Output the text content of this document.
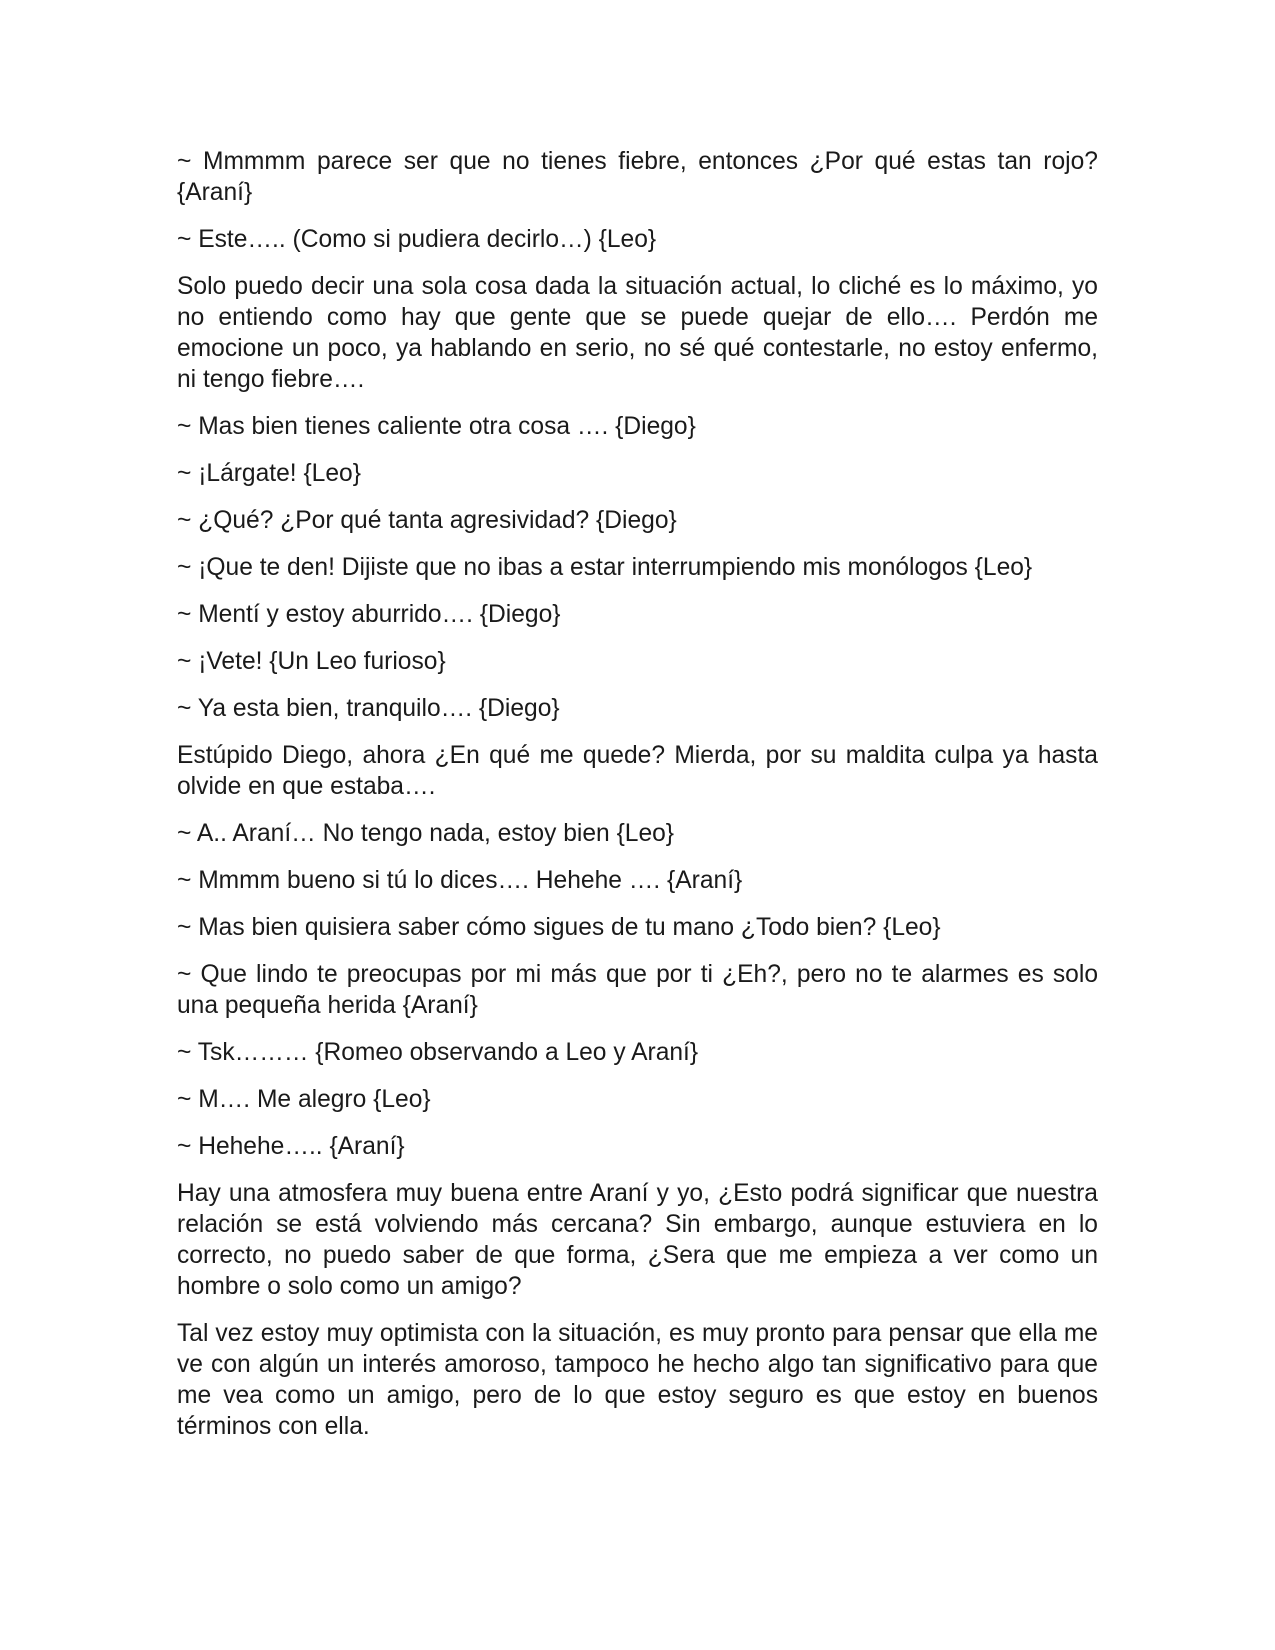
~ Mmmmm parece ser que no tienes fiebre, entonces ¿Por qué estas tan rojo? {Araní}

~ Este….. (Como si pudiera decirlo…) {Leo}

Solo puedo decir una sola cosa dada la situación actual, lo cliché es lo máximo, yo no entiendo como hay que gente que se puede quejar de ello…. Perdón me emocione un poco, ya hablando en serio, no sé qué contestarle, no estoy enfermo, ni tengo fiebre….

~ Mas bien tienes caliente otra cosa …. {Diego}

~ ¡Lárgate! {Leo}

~ ¿Qué? ¿Por qué tanta agresividad? {Diego}

~ ¡Que te den! Dijiste que no ibas a estar interrumpiendo mis monólogos {Leo}

~ Mentí y estoy aburrido…. {Diego}

~ ¡Vete! {Un Leo furioso}

~ Ya esta bien, tranquilo…. {Diego}

Estúpido Diego, ahora ¿En qué me quede? Mierda, por su maldita culpa ya hasta olvide en que estaba….

~ A.. Araní… No tengo nada, estoy bien {Leo}

~ Mmmm bueno si tú lo dices…. Hehehe …. {Araní}

~ Mas bien quisiera saber cómo sigues de tu mano ¿Todo bien? {Leo}

~ Que lindo te preocupas por mi más que por ti ¿Eh?, pero no te alarmes es solo una pequeña herida {Araní}

~ Tsk……… {Romeo observando a Leo y Araní}

~ M…. Me alegro {Leo}

~ Hehehe….. {Araní}

Hay una atmosfera muy buena entre Araní y yo, ¿Esto podrá significar que nuestra relación se está volviendo más cercana? Sin embargo, aunque estuviera en lo correcto, no puedo saber de que forma, ¿Sera que me empieza a ver como un hombre o solo como un amigo?

Tal vez estoy muy optimista con la situación, es muy pronto para pensar que ella me ve con algún un interés amoroso, tampoco he hecho algo tan significativo para que me vea como un amigo, pero de lo que estoy seguro es que estoy en buenos términos con ella.
